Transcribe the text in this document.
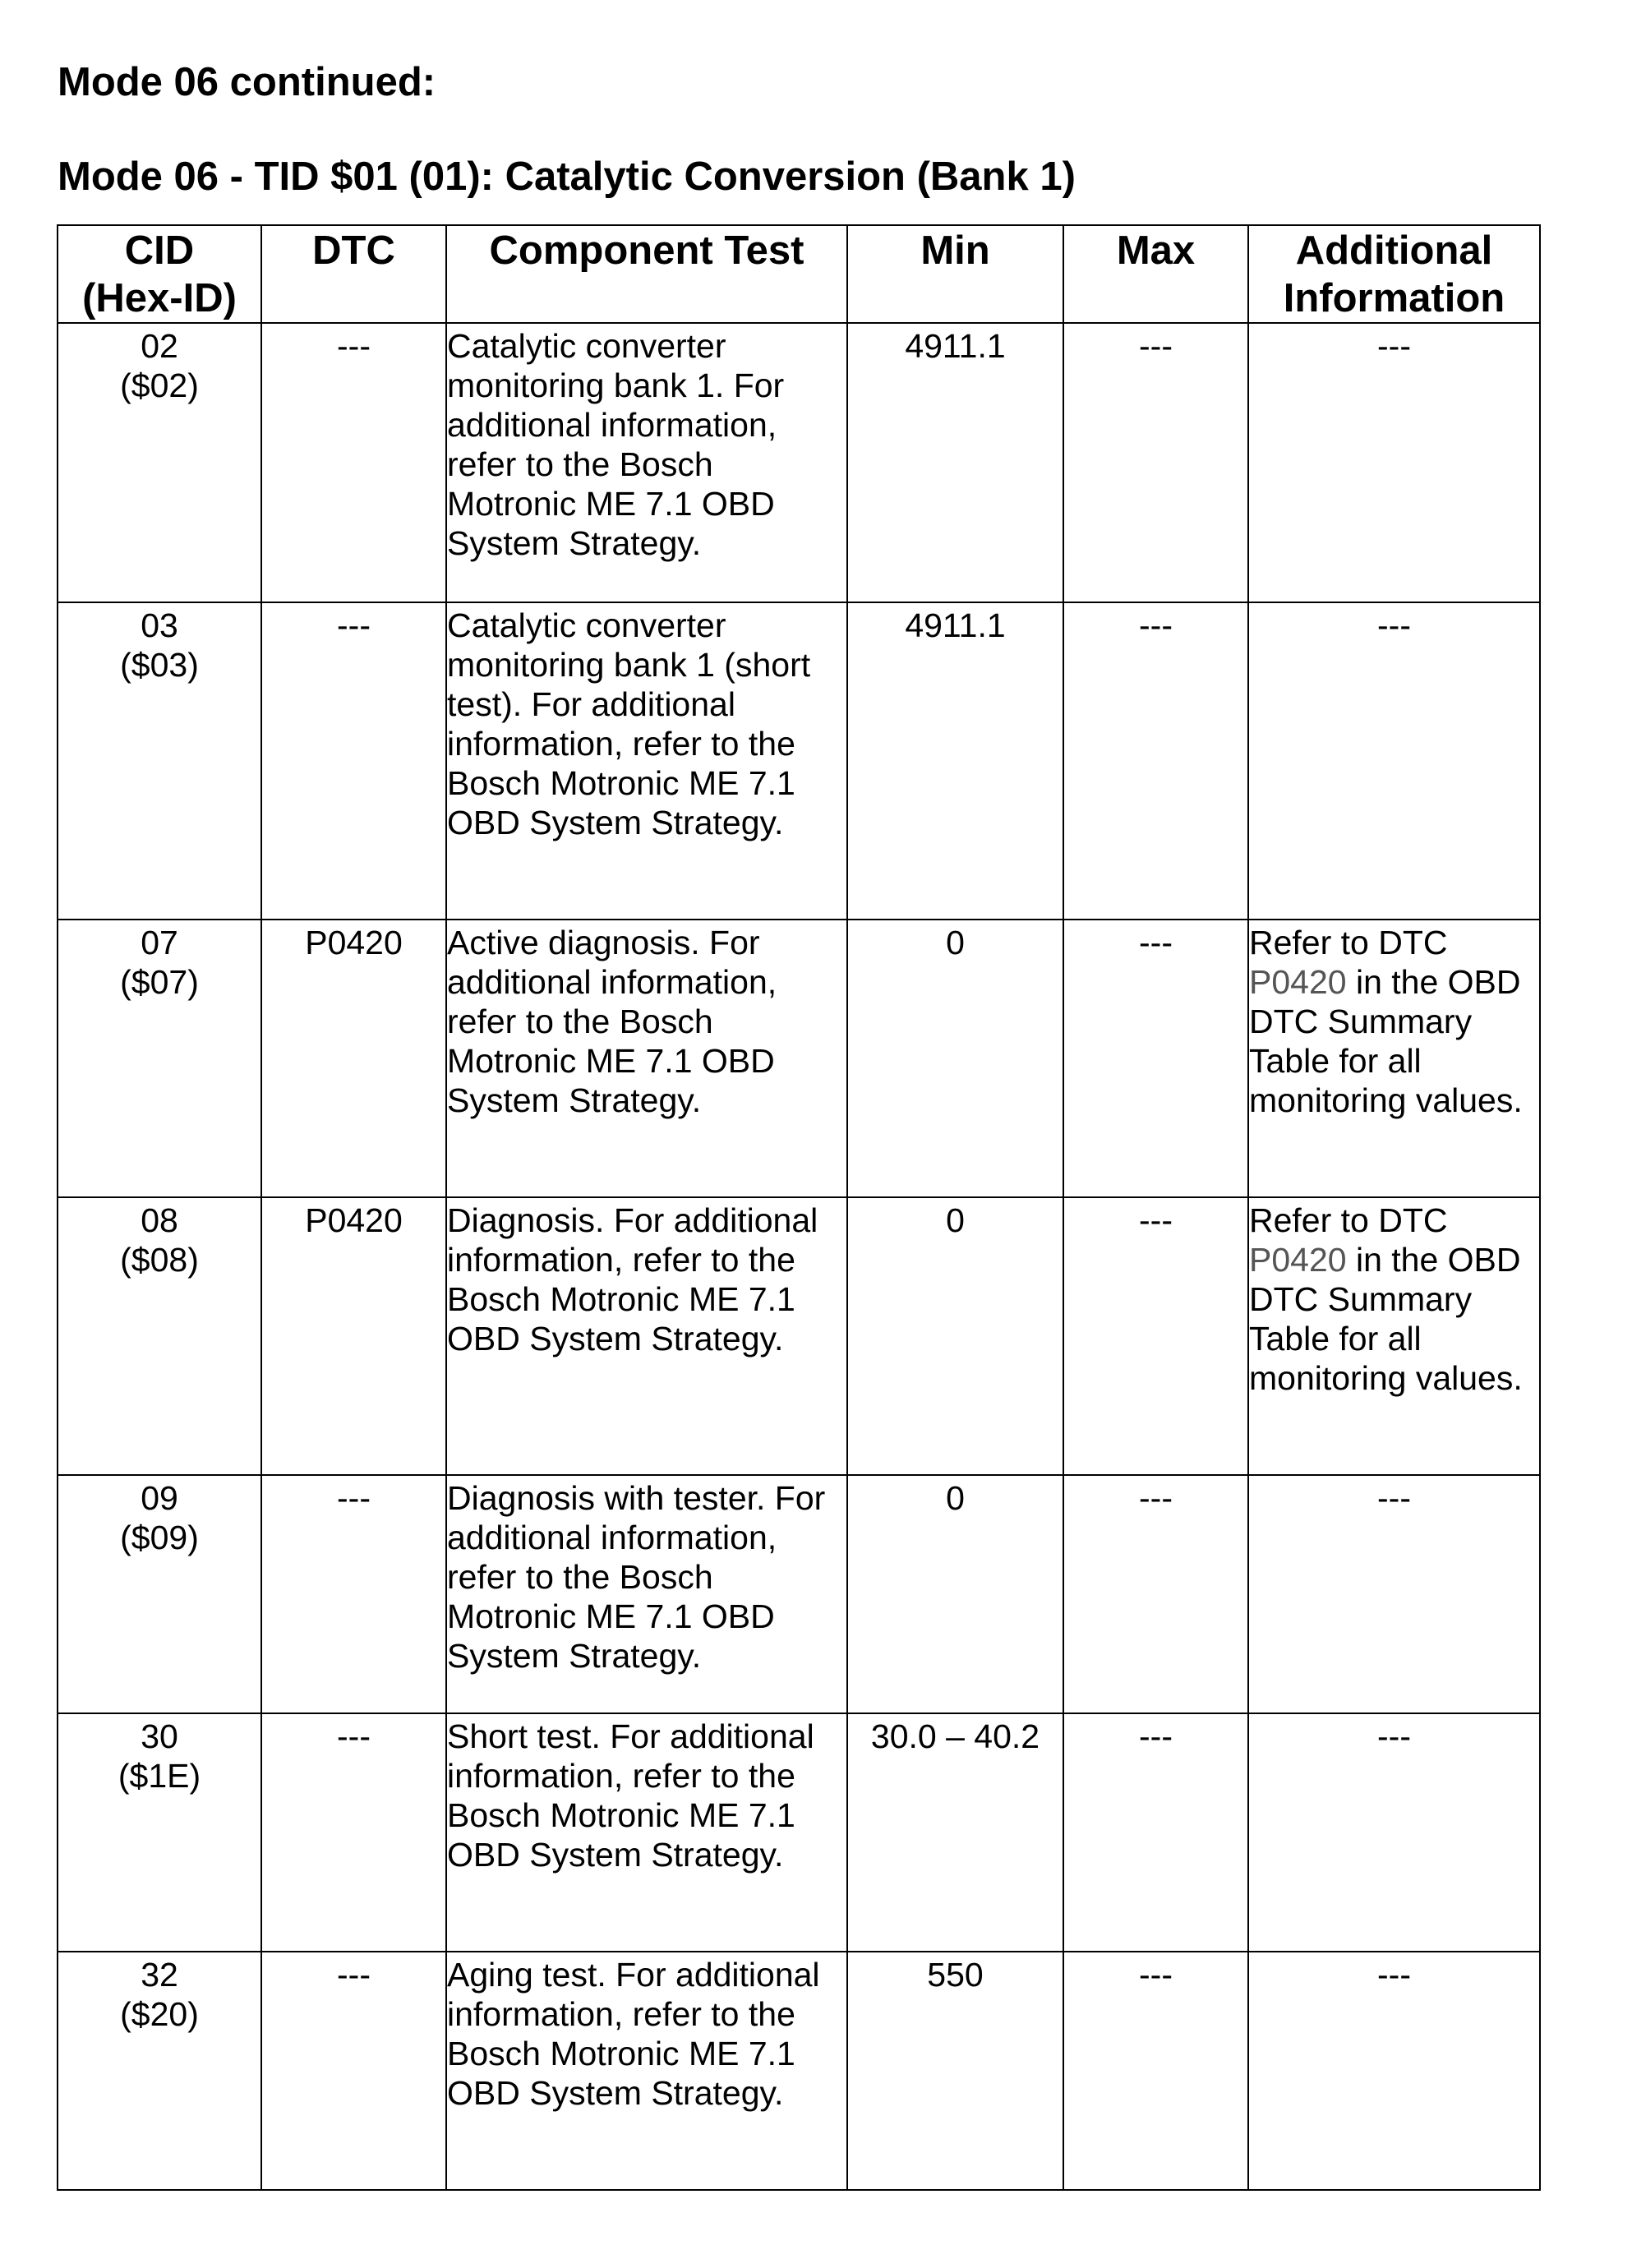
Mode 06 continued:
Mode 06 - TID $01 (01): Catalytic Conversion (Bank 1)
CID
(Hex-ID)	DTC	Component Test	Min	Max	Additional
Information

02
($02)	---	Catalytic converter monitoring bank 1. For additional information, refer to the Bosch Motronic ME 7.1 OBD System Strategy.	4911.1	---	---

03
($03)	---	Catalytic converter monitoring bank 1 (short test). For additional information, refer to the Bosch Motronic ME 7.1 OBD System Strategy.	4911.1	---	---

07
($07)	P0420	Active diagnosis. For additional information, refer to the Bosch Motronic ME 7.1 OBD System Strategy.	0	---	Refer to DTC P0420 in the OBD DTC Summary Table for all monitoring values.

08
($08)	P0420	Diagnosis. For additional information, refer to the Bosch Motronic ME 7.1 OBD System Strategy.	0	---	Refer to DTC P0420 in the OBD DTC Summary Table for all monitoring values.

09
($09)	---	Diagnosis with tester. For additional information, refer to the Bosch Motronic ME 7.1 OBD System Strategy.	0	---	---

30
($1E)	---	Short test. For additional information, refer to the Bosch Motronic ME 7.1 OBD System Strategy.	30.0 – 40.2	---	---

32
($20)	---	Aging test. For additional information, refer to the Bosch Motronic ME 7.1 OBD System Strategy.	550	---	---
